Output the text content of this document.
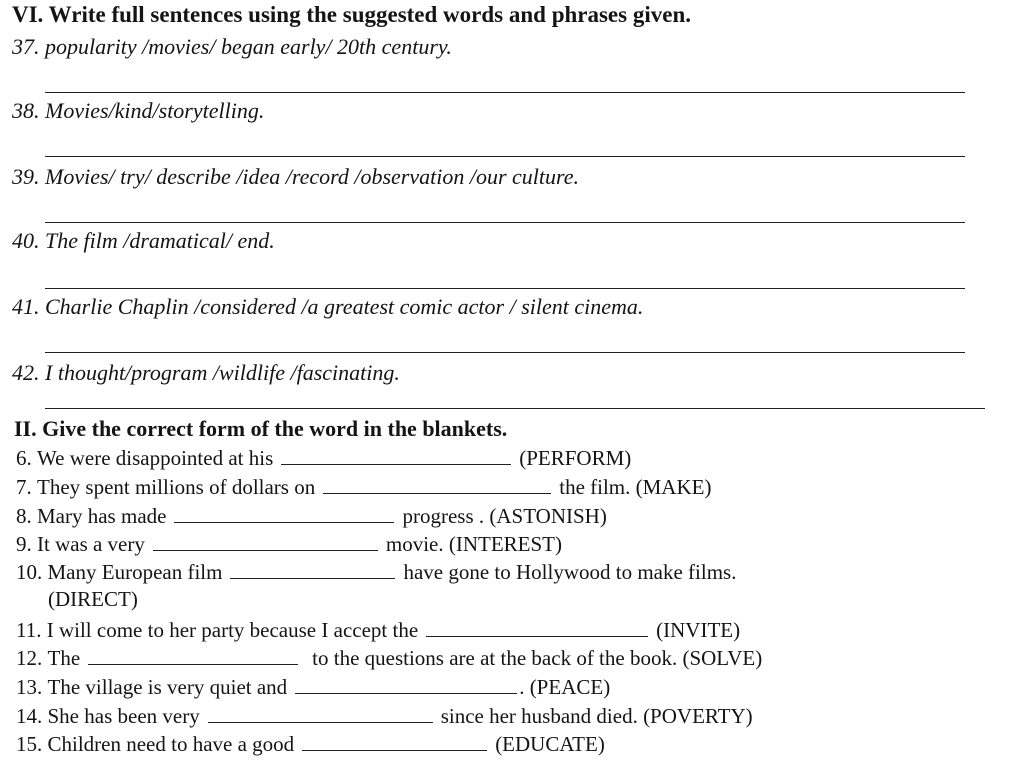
VI. Write full sentences using the suggested words and phrases given.
37. popularity /movies/ began early/ 20th century.
38. Movies/kind/storytelling.
39. Movies/ try/ describe /idea /record /observation /our culture.
40. The film /dramatical/ end.
41. Charlie Chaplin /considered /a greatest comic actor / silent cinema.
42. I thought/program /wildlife /fascinating.
II. Give the correct form of the word in the blankets.
6.
We were disappointed at his	(PERFORM)
7.
They spent millions of dollars on	the film. (MAKE)
8.
Mary has made	progress . (ASTONISH)
9.
It was a very	movie. (INTEREST)
10.
Many European film	have gone to Hollywood to make films.
(DIRECT)
11.
I will come to her party because I accept the	(INVITE)
12.
The	to the questions are at the back of the book. (SOLVE)
13.
The village is very quiet and	. (PEACE)
14.
She has been very	since her husband died. (POVERTY)
15.
Children need to have a good	(EDUCATE)
